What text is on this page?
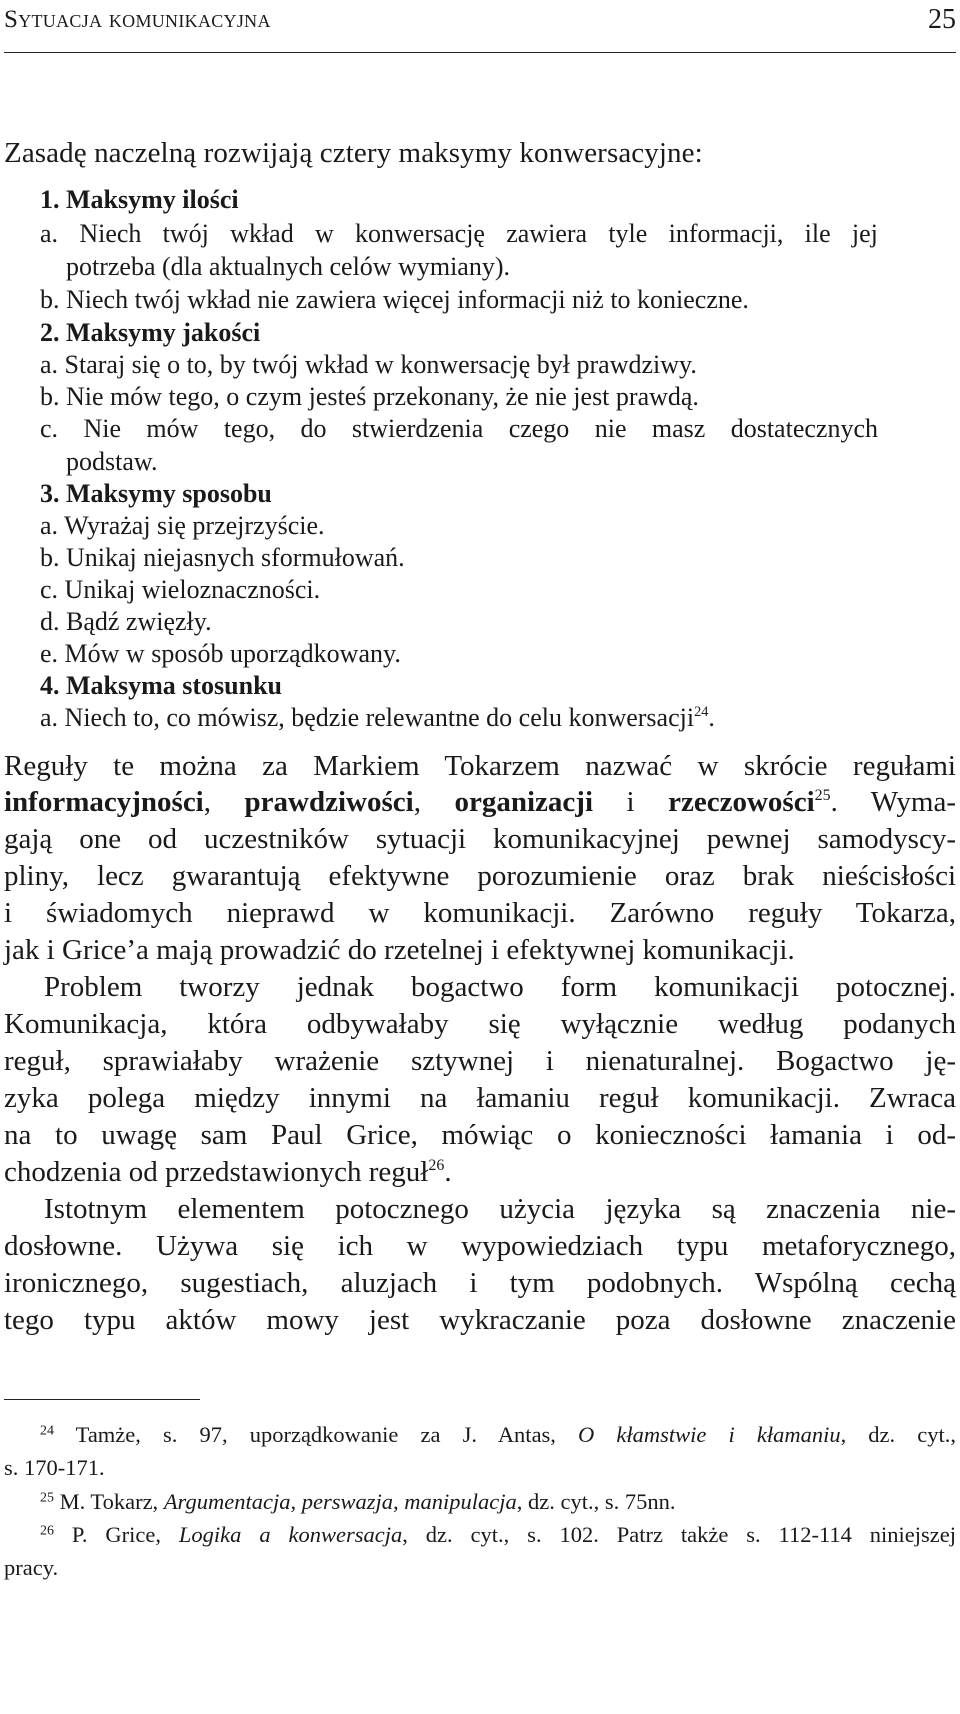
Sytuacja komunikacyjna	25
Zasadę naczelną rozwijają cztery maksymy konwersacyjne:
1. Maksymy ilości
a. Niech twój wkład w konwersację zawiera tyle informacji, ile jej
potrzeba (dla aktualnych celów wymiany).
b. Niech twój wkład nie zawiera więcej informacji niż to konieczne.
2. Maksymy jakości
a. Staraj się o to, by twój wkład w konwersację był prawdziwy.
b. Nie mów tego, o czym jesteś przekonany, że nie jest prawdą.
c. Nie mów tego, do stwierdzenia czego nie masz dostatecznych
podstaw.
3. Maksymy sposobu
a. Wyrażaj się przejrzyście.
b. Unikaj niejasnych sformułowań.
c. Unikaj wieloznaczności.
d. Bądź zwięzły.
e. Mów w sposób uporządkowany.
4. Maksyma stosunku
a. Niech to, co mówisz, będzie relewantne do celu konwersacji$^{24}$.
Reguły te można za Markiem Tokarzem nazwać w skrócie regułami
informacyjności, prawdziwości, organizacji i rzeczowości$^{25}$. Wyma-
gają one od uczestników sytuacji komunikacyjnej pewnej samodyscy-
pliny, lecz gwarantują efektywne porozumienie oraz brak nieścisłości
i świadomych nieprawd w komunikacji. Zarówno reguły Tokarza,
jak i Grice’a mają prowadzić do rzetelnej i efektywnej komunikacji.
Problem tworzy jednak bogactwo form komunikacji potocznej.
Komunikacja, która odbywałaby się wyłącznie według podanych
reguł, sprawiałaby wrażenie sztywnej i nienaturalnej. Bogactwo ję-
zyka polega między innymi na łamaniu reguł komunikacji. Zwraca
na to uwagę sam Paul Grice, mówiąc o konieczności łamania i od-
chodzenia od przedstawionych reguł$^{26}$.
Istotnym elementem potocznego użycia języka są znaczenia nie-
dosłowne. Używa się ich w wypowiedziach typu metaforycznego,
ironicznego, sugestiach, aluzjach i tym podobnych. Wspólną cechą
tego typu aktów mowy jest wykraczanie poza dosłowne znaczenie
$^{24}$ Tamże, s. 97, uporządkowanie za J. Antas, O kłamstwie i kłamaniu, dz. cyt.,
s. 170-171.
$^{25}$ M. Tokarz, Argumentacja, perswazja, manipulacja, dz. cyt., s. 75nn.
$^{26}$ P. Grice, Logika a konwersacja, dz. cyt., s. 102. Patrz także s. 112-114 niniejszej
pracy.
